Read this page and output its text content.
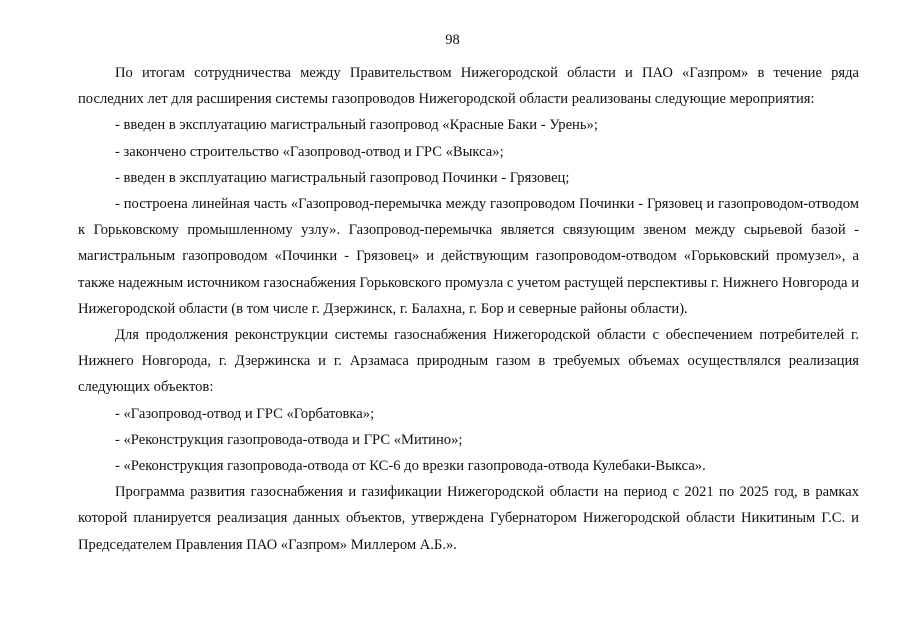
98

По итогам сотрудничества между Правительством Нижегородской области и ПАО «Газпром» в течение ряда последних лет для расширения системы газопроводов Нижегородской области реализованы следующие мероприятия:

- введен в эксплуатацию магистральный газопровод «Красные Баки - Урень»;

- закончено строительство «Газопровод-отвод и ГРС «Выкса»;

- введен в эксплуатацию магистральный газопровод Починки - Грязовец;

- построена линейная часть «Газопровод-перемычка между газопроводом Починки - Грязовец и газопроводом-отводом к Горьковскому промышленному узлу». Газопровод-перемычка является связующим звеном между сырьевой базой - магистральным газопроводом «Починки - Грязовец» и действующим газопроводом-отводом «Горьковский промузел», а также надежным источником газоснабжения Горьковского промузла с учетом растущей перспективы г. Нижнего Новгорода и Нижегородской области (в том числе г. Дзержинск, г. Балахна, г. Бор и северные районы области).

Для продолжения реконструкции системы газоснабжения Нижегородской области с обеспечением потребителей г. Нижнего Новгорода, г. Дзержинска и г. Арзамаса природным газом в требуемых объемах осуществлялся реализация следующих объектов:

- «Газопровод-отвод и ГРС «Горбатовка»;

- «Реконструкция газопровода-отвода и ГРС «Митино»;

- «Реконструкция газопровода-отвода от КС-6 до врезки газопровода-отвода Кулебаки-Выкса».

Программа развития газоснабжения и газификации Нижегородской области на период с 2021 по 2025 год, в рамках которой планируется реализация данных объектов, утверждена Губернатором Нижегородской области Никитиным Г.С. и Председателем Правления ПАО «Газпром» Миллером А.Б.».
